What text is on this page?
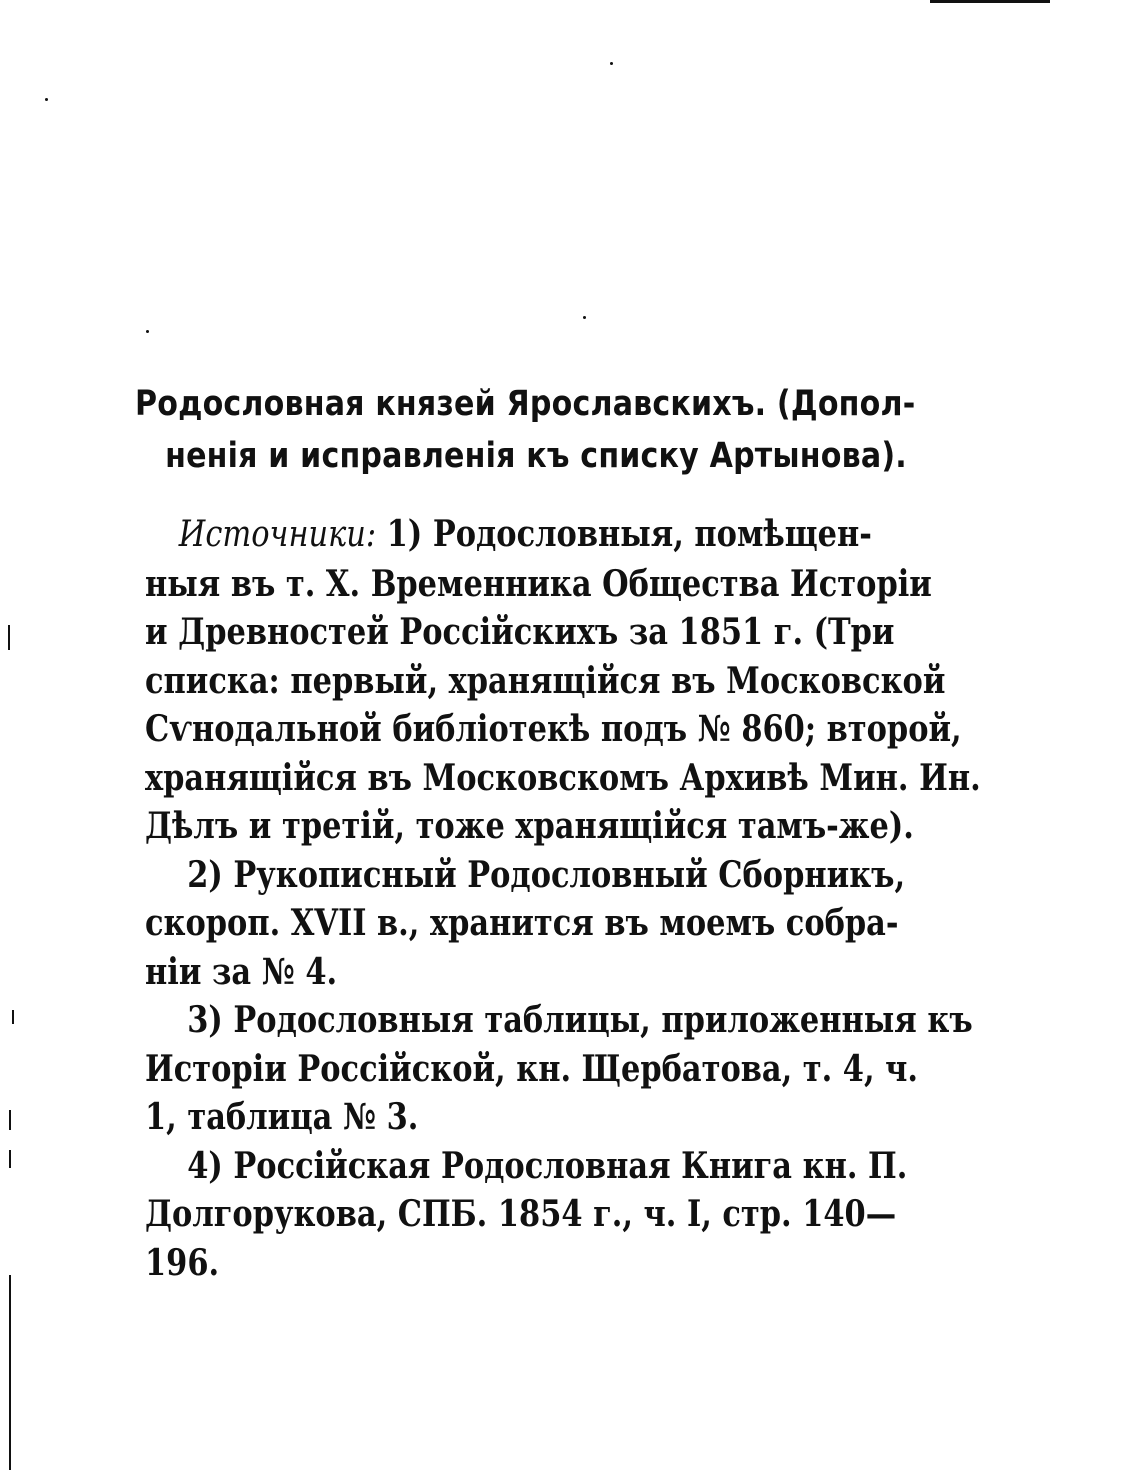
Родословная князей Ярославскихъ. (Допол-
ненія и исправленія къ списку Артынова).
Источники: 1) Родословныя, помѣщен-
ныя въ т. X. Временника Общества Исторіи
и Древностей Россійскихъ за 1851 г. (Три
списка: первый, хранящійся въ Московской
Сѵнодальной библіотекѣ подъ № 860; второй,
хранящійся въ Московскомъ Архивѣ Мин. Ин.
Дѣлъ и третій, тоже хранящійся тамъ-же).
2) Рукописный Родословный Сборникъ,
скороп. XVII в., хранится въ моемъ собра-
ніи за № 4.
3) Родословныя таблицы, приложенныя къ
Исторіи Россійской, кн. Щербатова, т. 4, ч.
1, таблица № 3.
4) Россійская Родословная Книга кн. П.
Долгорукова, СПБ. 1854 г., ч. I, стр. 140—
196.
